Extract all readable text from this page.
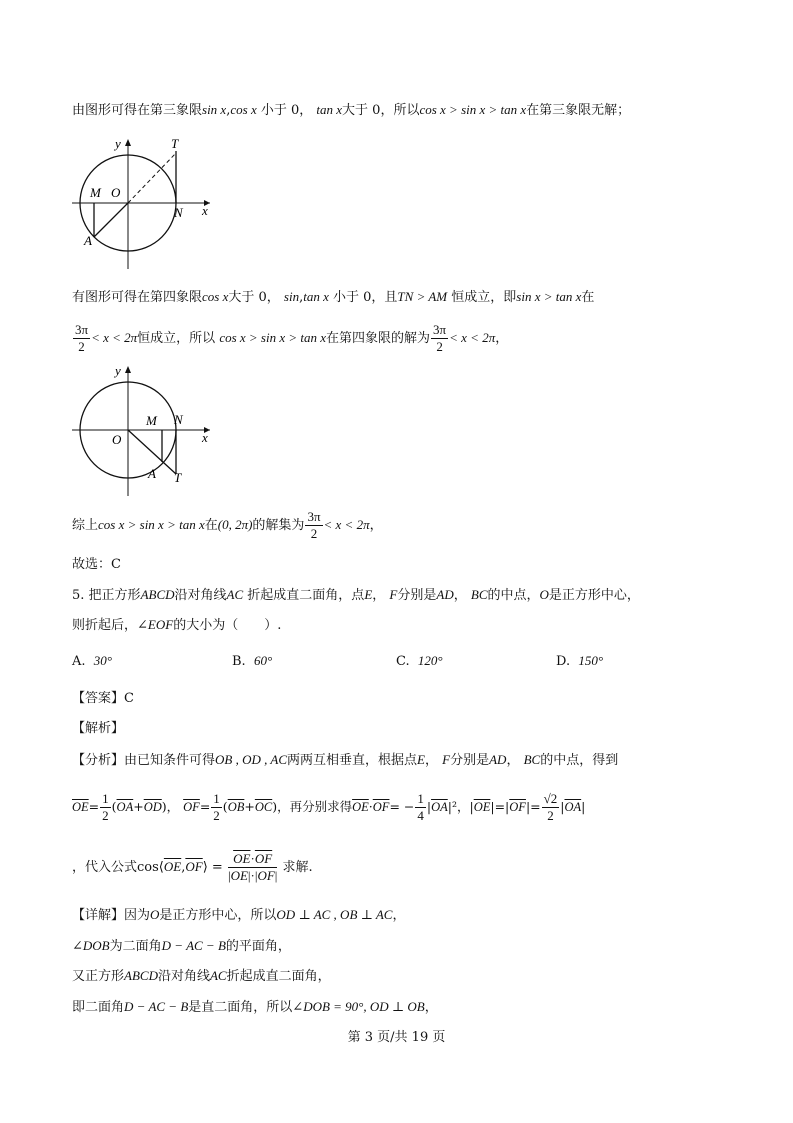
由图形可得在第三象限sin x,cos x 小于 0， tan x大于 0，所以cos x > sin x > tan x在第三象限无解；
y	T
M O
N x
A
有图形可得在第四象限cos x大于 0， sin,tan x 小于 0，且TN > AM 恒成立，即sin x > tan x在
$\frac{3\pi}{2} < x < 2\pi$恒成立，所以 cos x > sin x > tan x在第四象限的解为 $\frac{3\pi}{2} < x < 2\pi$，
y
M N
O	x
A T
综上cos x > sin x > tan x在(0, 2π)的解集为 $\frac{3\pi}{2} < x < 2\pi$，
故选：C
5. 把正方形ABCD沿对角线AC 折起成直二面角，点E， F分别是AD， BC的中点，O是正方形中心，
则折起后，∠EOF的大小为（　　）.
A. 30°	B. 60°	C. 120°	D. 150°
【答案】C
【解析】
【分析】由已知条件可得OB , OD , AC两两互相垂直，根据点E， F分别是AD， BC的中点，得到
$\overline{OE}= \frac{1}{2} (\overline{OA}+\overline{OD})$， $\overline{OF}= \frac{1}{2} (\overline{OB}+\overline{OC})$，再分别求得$\overline{OE}\cdot\overline{OF}= - \frac{1}{4} |\overline{OA}|^2$，$|\overline{OE}|=|\overline{OF}|= \frac{√2}{2} |\overline{OA}|$
，代入公式$\cos⟨\overline{OE},\overline{OF}⟩ = \frac{\overline{OE}\cdot\overline{OF}}{|\overline{OE}|\cdot|\overline{OF}|}$ 求解.
【详解】因为O是正方形中心，所以OD ⊥ AC , OB ⊥ AC，
∠DOB为二面角D − AC − B的平面角，
又正方形ABCD沿对角线AC折起成直二面角，
即二面角D − AC − B是直二面角，所以∠DOB = 90°, OD ⊥ OB，
第 3 页/共 19 页
